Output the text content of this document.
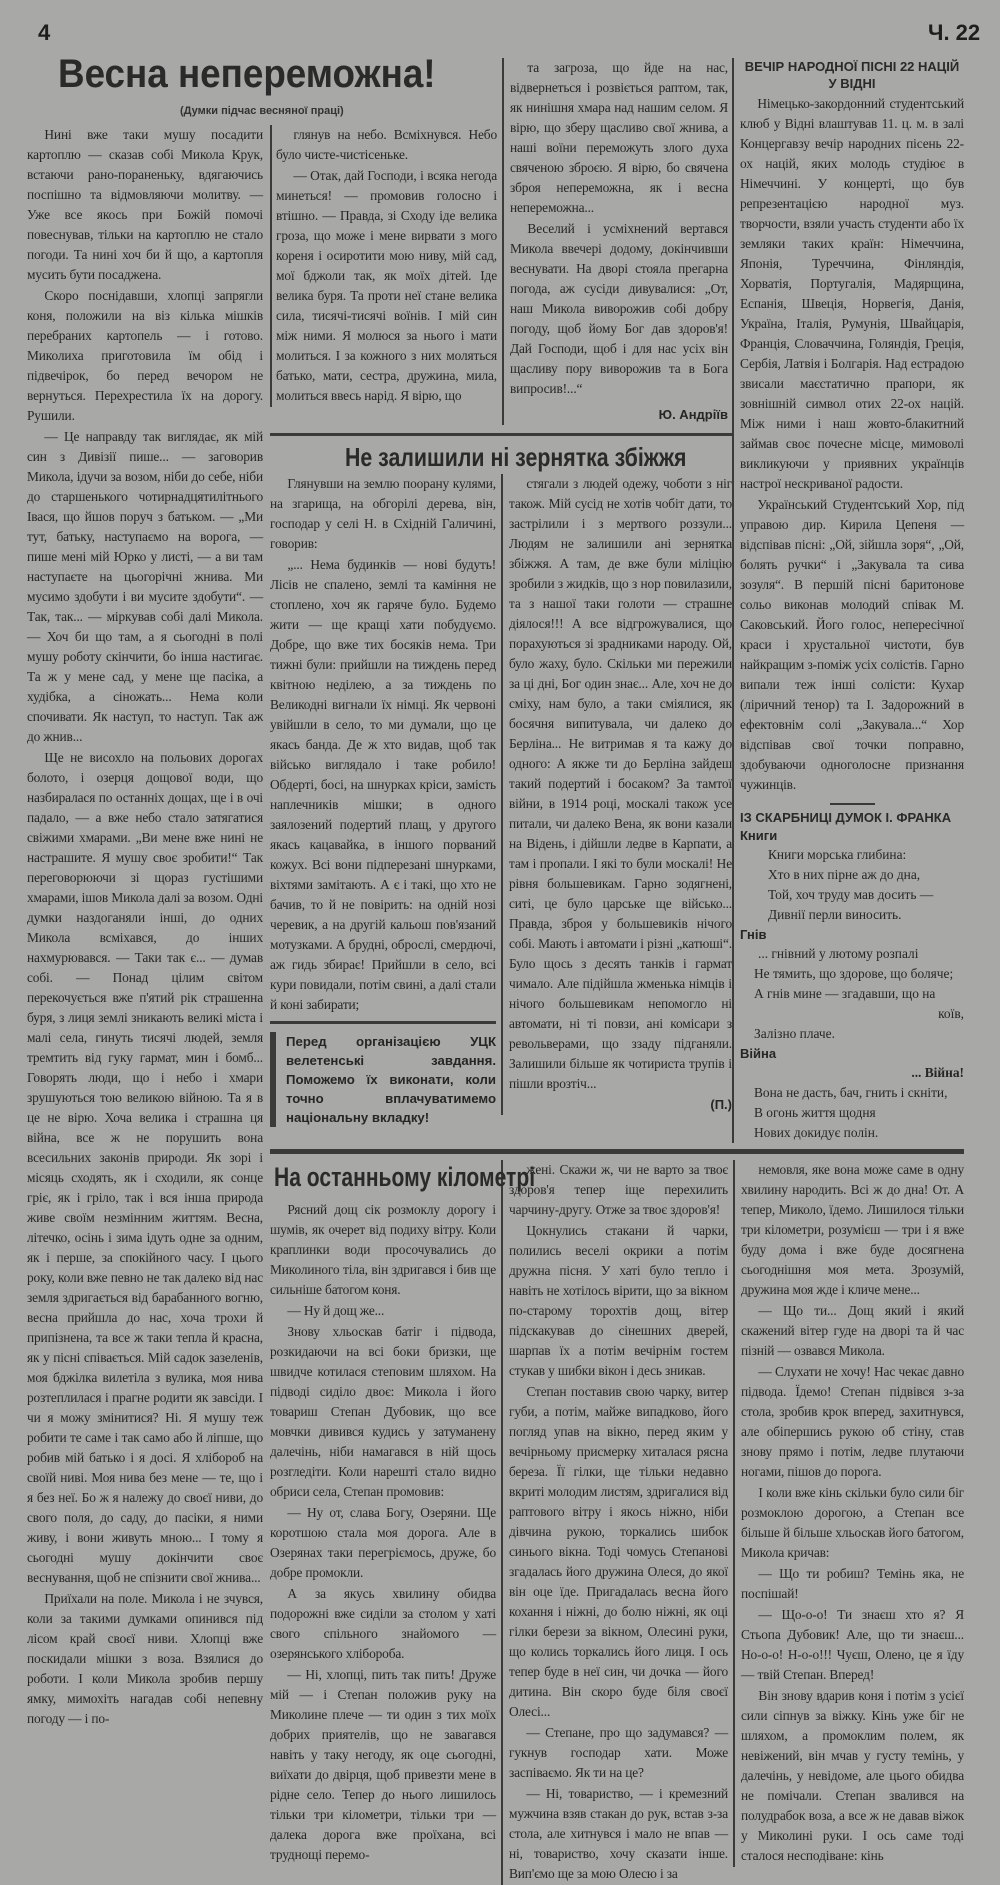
4	Ч. 22
Весна непереможна!
(Думки підчас весняної праці)

Нині вже таки мушу посадити картоплю — сказав собі Микола Крук, встаючи рано-пораненьку, вдягаючись поспішно та відмовляючи молитву. — Уже все якось при Божій помочі повеснував, тільки на картоплю не стало погоди. Та нині хоч би й що, а картопля мусить бути посаджена.

Скоро поснідавши, хлопці запрягли коня, положили на віз кілька мішків перебраних картопель — і готово. Миколиха приготовила їм обід і підвечірок, бо перед вечором не вернуться. Перехрестила їх на дорогу. Рушили.

— Це направду так виглядає, як мій син з Дивізії пише... — заговорив Микола, ідучи за возом, ніби до себе, ніби до старшенького чотирнадцятилітнього Івася, що йшов поруч з батьком. — „Ми тут, батьку, наступаємо на ворога, — пише мені мій Юрко у листі, — а ви там наступаєте на цьогорічні жнива. Ми мусимо здобути і ви мусите здобути“. — Так, так... — міркував собі далі Микола. — Хоч би що там, а я сьогодні в полі мушу роботу скінчити, бо інша настигає. Та ж у мене сад, у мене ще пасіка, а худібка, а сіножать... Нема коли спочивати. Як наступ, то наступ. Так аж до жнив...

Ще не висохло на польових дорогах болото, і озерця дощової води, що назбиралася по останніх дощах, ще і в очі падало, — а вже небо стало затягатися свіжими хмарами. „Ви мене вже нині не настрашите. Я мушу своє зробити!“ Так переговорюючи зі щораз густішими хмарами, ішов Микола далі за возом. Одні думки наздоганяли інші, до одних Микола всміхався, до інших нахмурювався. — Таки так є... — думав собі. — Понад цілим світом перекочується вже п'ятий рік страшенна буря, з лиця землі зникають великі міста і малі села, гинуть тисячі людей, земля тремтить від гуку гармат, мин і бомб... Говорять люди, що і небо і хмари зрушуються тою великою війною. Та я в це не вірю. Хоча велика і страшна ця війна, все ж не порушить вона всесильних законів природи. Як зорі і місяць сходять, як і сходили, як сонце гріє, як і гріло, так і вся інша природа живе своїм незмінним життям. Весна, літечко, осінь і зима ідуть одне за одним, як і перше, за спокійного часу. І цього року, коли вже певно не так далеко від нас земля здригається від барабанного вогню, весна прийшла до нас, хоча трохи й припізнена, та все ж таки тепла й красна, як у пісні співається. Мій садок зазеленів, моя бджілка вилетіла з вулика, моя нива розтеплилася і прагне родити як завсіди. І чи я можу змінитися? Ні. Я мушу теж робити те саме і так само або й ліпше, що робив мій батько і я досі. Я хлібороб на своїй ниві. Моя нива без мене — те, що і я без неї. Бо ж я належу до своєї ниви, до свого поля, до саду, до пасіки, я ними живу, і вони живуть мною... І тому я сьогодні мушу докінчити своє веснування, щоб не спізнити свої жнива...

Приїхали на поле. Микола і не зчувся, коли за такими думками опинився під лісом край своєї ниви. Хлопці вже поскидали мішки з воза. Взялися до роботи. І коли Микола зробив першу ямку, мимохіть нагадав собі непевну погоду — і по-

глянув на небо. Всміхнувся. Небо було чисте-чистісеньке.

— Отак, дай Господи, і всяка негода минеться! — промовив голосно і втішно. — Правда, зі Сходу іде велика гроза, що може і мене вирвати з мого кореня і осиротити мою ниву, мій сад, мої бджоли так, як моїх дітей. Іде велика буря. Та проти неї стане велика сила, тисячі-тисячі воїнів. І мій син між ними. Я молюся за нього і мати молиться. І за кожного з них моляться батько, мати, сестра, дружина, мила, молиться ввесь нарід. Я вірю, що

та загроза, що йде на нас, відвернеться і розвіється раптом, так, як нинішня хмара над нашим селом. Я вірю, що зберу щасливо свої жнива, а наші воїни переможуть злого духа свяченою зброєю. Я вірю, бо свячена зброя непереможна, як і весна непереможна...

Веселий і усміхнений вертався Микола ввечері додому, докінчивши веснувати. На дворі стояла прегарна погода, аж сусіди дивувалися: „От, наш Микола виворожив собі добру погоду, щоб йому Бог дав здоров'я! Дай Господи, щоб і для нас усіх він щасливу пору виворожив та в Бога випросив!...“

Ю. Андріїв
Не залишили ні зернятка збіжжя

Глянувши на землю поорану кулями, на згарища, на обгорілі дерева, він, господар у селі Н. в Східній Галичині, говорив:

„... Нема будинків — нові будуть! Лісів не спалено, землі та каміння не стоплено, хоч як гаряче було. Будемо жити — ще кращі хати побудуємо. Добре, що вже тих босяків нема. Три тижні були: прийшли на тиждень перед квітною неділею, а за тиждень по Великодні вигнали їх німці. Як червоні увійшли в село, то ми думали, що це якась банда. Де ж хто видав, щоб так військо виглядало і таке робило! Обдерті, босі, на шнурках кріси, замість наплечників мішки; в одного заялозений подертий плащ, у другого якась кацавайка, в іншого порваний кожух. Всі вони підперезані шнурками, віхтями замітають. А є і такі, що хто не бачив, то й не повірить: на одній нозі черевик, а на другій кальош пов'язаний мотузками. А брудні, оброслі, смердючі, аж гидь збирає! Прийшли в село, всі кури повидали, потім свині, а далі стали й коні забирати;

Перед організацією УЦК велетенські завдання. Поможемо їх виконати, коли точно вплачуватимемо національну вкладку!

стягали з людей одежу, чоботи з ніг також. Мій сусід не хотів чобіт дати, то застрілили і з мертвого роззули... Людям не залишили ані зернятка збіжжя. А там, де вже були міліцію зробили з жидків, що з нор повилазили, та з нашої таки голоти — страшне діялося!!! А все відгрожувалися, що порахуються зі зрадниками народу. Ой, було жаху, було. Скільки ми пережили за ці дні, Бог один знає... Але, хоч не до сміху, нам було, а таки сміялися, як босячня випитувала, чи далеко до Берліна... Не витримав я та кажу до одного: А якже ти до Берліна зайдеш такий подертий і босаком? За тамтої війни, в 1914 році, москалі також усе питали, чи далеко Вена, як вони казали на Відень, і дійшли ледве в Карпати, а там і пропали. І які то були москалі! Не рівня большевикам. Гарно зодягнені, ситі, це було царське ще військо... Правда, зброя у большевиків нічого собі. Мають і автомати і різні „катюші“. Було щось з десять танків і гармат чимало. Але підійшла жменька німців і нічого большевикам непомогло ні автомати, ні ті повзи, ані комісари з револьверами, що ззаду підганяли. Залишили більше як чотириста трупів і пішли врозтіч...

(П.)
ВЕЧІР НАРОДНОЇ ПІСНІ 22 НАЦІЙ У ВІДНІ

Німецько-закордонний студентський клюб у Відні влаштував 11. ц. м. в залі Концергавзу вечір народних пісень 22-ох націй, яких молодь студіює в Німеччині. У концерті, що був репрезентацією народної муз. творчости, взяли участь студенти або їх земляки таких країн: Німеччина, Японія, Туреччина, Фінляндія, Хорватія, Португалія, Мадярщина, Еспанія, Швеція, Норвегія, Данія, Україна, Італія, Румунія, Швайцарія, Франція, Словаччина, Голяндія, Греція, Сербія, Латвія і Болгарія. Над естрадою звисали маєстатично прапори, як зовнішній символ отих 22-ох націй. Між ними і наш жовто-блакитний займав своє почесне місце, мимоволі викликуючи у приявних українців настрої нескриваної радости.

Український Студентський Хор, під управою дир. Кирила Цепеня — відспівав пісні: „Ой, зійшла зоря“, „Ой, болять ручки“ і „Закувала та сива зозуля“. В першій пісні баритонове сольо виконав молодий співак М. Саковський. Його голос, непересічної краси і хрустальної чистоти, був найкращим з-поміж усіх солістів. Гарно випали теж інші солісти: Кухар (ліричний тенор) та І. Задорожний в ефектовнім солі „Закувала...“ Хор відспівав свої точки поправно, здобуваючи одноголосне признання чужинців.

ІЗ СКАРБНИЦІ ДУМОК І. ФРАНКА
Книги
Книги морська глибина:
Хто в них пірне аж до дна,
Той, хоч труду мав досить —
Дивнії перли виносить.
Гнів
... гнівний у лютому розпалі
Не тямить, що здорове, що боляче;
А гнів мине — згадавши, що на
коїв,
Залізно плаче.
Війна
... Війна!
Вона не дасть, бач, гнить і скніти,
В огонь життя щодня
Нових докидує полін.
На останньому кілометрі

Рясний дощ сік розмоклу дорогу і шумів, як очерет від подиху вітру. Коли краплинки води просочувались до Миколиного тіла, він здригався і бив ще сильніше батогом коня.

— Ну й дощ же...

Знову хльоскав батіг і підвода, розкидаючи на всі боки бризки, ще швидче котилася степовим шляхом. На підводі сиділо двоє: Микола і його товариш Степан Дубовик, що все мовчки дивився кудись у затуманену далечінь, ніби намагався в ній щось розгледіти. Коли нарешті стало видно обриси села, Степан промовив:

— Ну от, слава Богу, Озеряни. Ще коротшою стала моя дорога. Але в Озерянах таки перегріємось, друже, бо добре промокли.

А за якусь хвилину обидва подорожні вже сиділи за столом у хаті свого спільного знайомого — озерянського хлібороба.

— Ні, хлопці, пить так пить! Друже мій — і Степан положив руку на Миколине плече — ти один з тих моїх добрих приятелів, що не завагався навіть у таку негоду, як оце сьогодні, виїхати до двірця, щоб привезти мене в рідне село. Тепер до нього лишилось тільки три кілометри, тільки три — далека дорога вже проїхана, всі труднощі перемо-

жені. Скажи ж, чи не варто за твоє здоров'я тепер іще перехилить чарчину-другу. Отже за твоє здоров'я!

Цокнулись стакани й чарки, полились веселі окрики а потім дружна пісня. У хаті було тепло і навіть не хотілось вірити, що за вікном по-старому торохтів дощ, вітер підскакував до сінешних дверей, шарпав їх а потім вечірнім гостем стукав у шибки вікон і десь зникав.

Степан поставив свою чарку, витер губи, а потім, майже випадково, його погляд упав на вікно, перед яким у вечірньому присмерку хиталася рясна береза. Її гілки, ще тільки недавно вкриті молодим листям, здригалися від раптового вітру і якось ніжно, ніби дівчина рукою, торкались шибок синього вікна. Тоді чомусь Степанові згадалась його дружина Олеся, до якої він оце їде. Пригадалась весна його кохання і ніжні, до болю ніжні, як оці гілки берези за вікном, Олесині руки, що колись торкались його лиця. І ось тепер буде в неї син, чи дочка — його дитина. Він скоро буде біля своєї Олесі...

— Степане, про що задумався? — гукнув господар хати. Може заспіваємо. Як ти на це?

— Ні, товариство, — і кремезний мужчина взяв стакан до рук, встав з-за стола, але хитнувся і мало не впав — ні, товариство, хочу сказати інше. Вип'ємо ще за мою Олесю і за

немовля, яке вона може саме в одну хвилину народить. Всі ж до дна! От. А тепер, Миколо, їдемо. Лишилося тільки три кілометри, розумієш — три і я вже буду дома і вже буде досягнена сьогоднішня моя мета. Зрозумій, дружина моя жде і кличе мене...

— Що ти... Дощ який і який скажений вітер гуде на дворі та й час пізній — озвався Микола.

— Слухати не хочу! Нас чекає давно підвода. Їдемо! Степан підвівся з-за стола, зробив крок вперед, захитнувся, але обіпершись рукою об стіну, став знову прямо і потім, ледве плутаючи ногами, пішов до порога.

І коли вже кінь скільки було сили біг розмоклою дорогою, а Степан все більше й більше хльоскав його батогом, Микола кричав:

— Що ти робиш? Темінь яка, не поспішай!

— Що-о-о! Ти знаєш хто я? Я Стьопа Дубовик! Але, що ти знаєш... Но-о-о! Н-о-о!!! Чуєш, Олено, це я їду — твій Степан. Вперед!

Він знову вдарив коня і потім з усієї сили сіпнув за віжку. Кінь уже біг не шляхом, а промоклим полем, як невіжений, він мчав у густу темінь, у далечінь, у невідоме, але цього обидва не помічали. Степан звалився на полудрабок воза, а все ж не давав віжок у Миколині руки. І ось саме тоді сталося несподіване: кінь
